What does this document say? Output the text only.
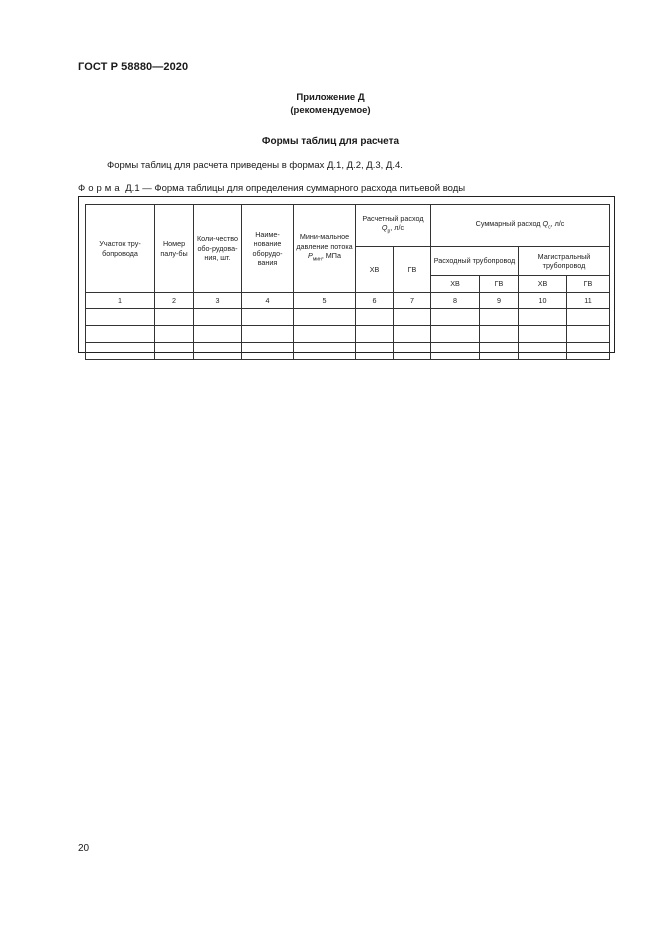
ГОСТ Р 58880—2020
Приложение Д
(рекомендуемое)
Формы таблиц для расчета
Формы таблиц для расчета приведены в формах Д.1, Д.2, Д.3, Д.4.
Форма Д.1 — Форма таблицы для определения суммарного расхода питьевой воды
Участок тру-бопровода	Номер палу-бы	Коли-чество обо-рудова-ния, шт.	Наиме-нование оборудо-вания	Мини-мальное давление потока $P_{мин}$, МПа	Расчетный расход $Q_p$, л/с		Суммарный расход $Q_c$, л/с			
					ХВ	ГВ	Расходный трубопровод		Магистральный трубопровод	
							ХВ	ГВ	ХВ	ГВ
1	2	3	4	5	6	7	8	9	10	11

20
